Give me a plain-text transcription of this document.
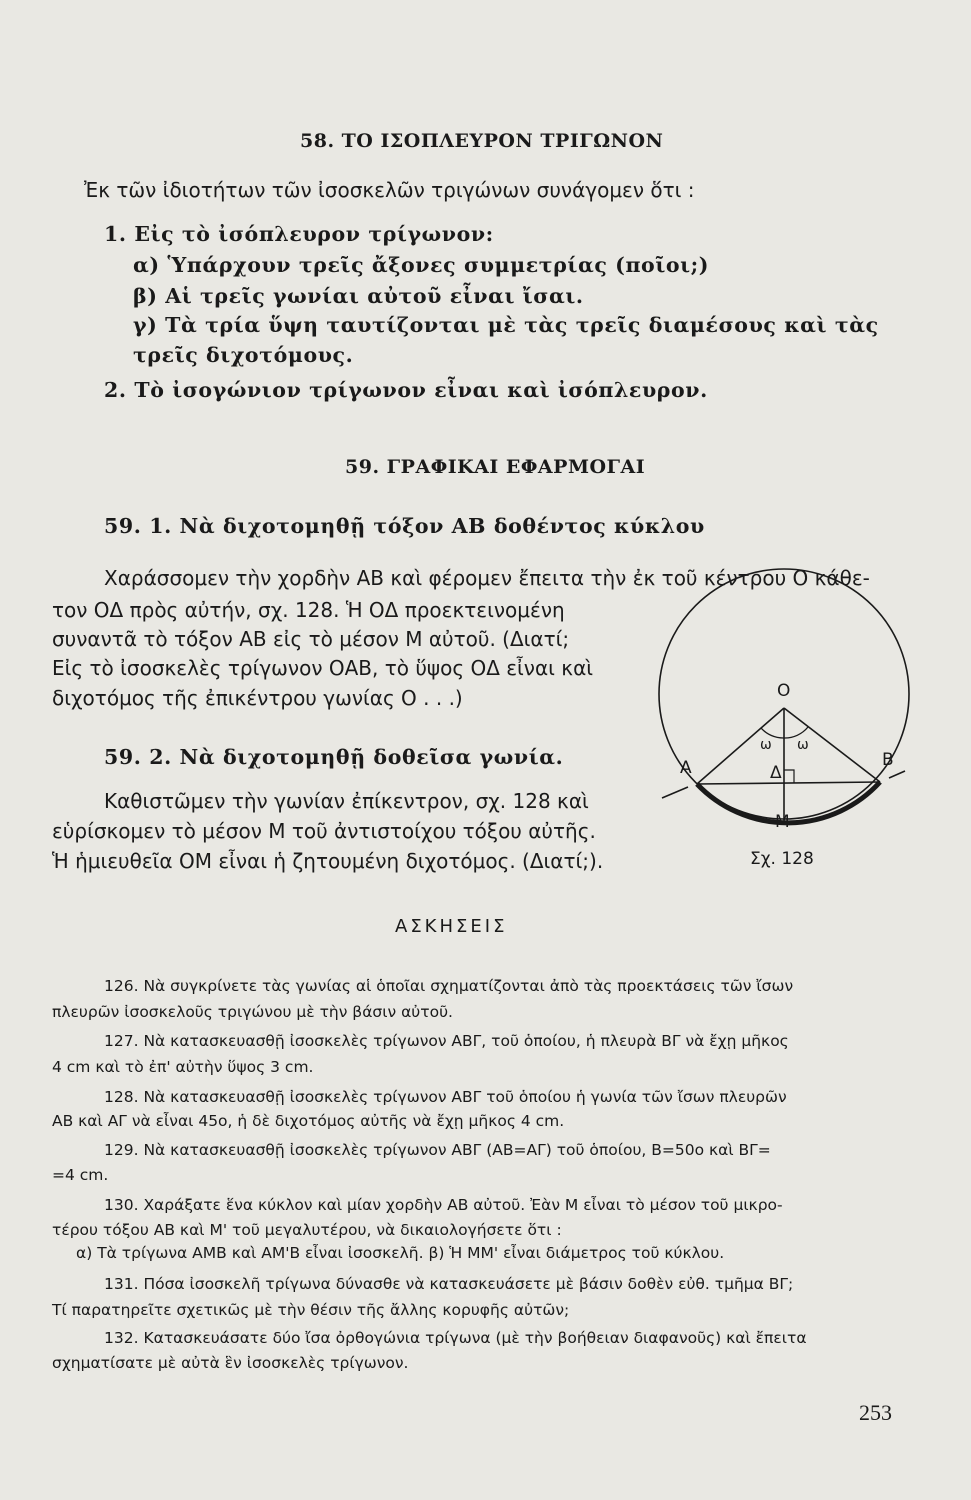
58. ΤΟ ΙΣΟΠΛΕΥΡΟΝ ΤΡΙΓΩΝΟΝ
Ἐκ τῶν ἰδιοτήτων τῶν ἰσοσκελῶν τριγώνων συνάγομεν ὅτι :
1. Εἰς τὸ ἰσόπλευρον τρίγωνον:
α) Ὑπάρχουν τρεῖς ἄξονες συμμετρίας (ποῖοι;)
β) Αἱ τρεῖς γωνίαι αὐτοῦ εἶναι ἴσαι.
γ) Τὰ τρία ὕψη ταυτίζονται μὲ τὰς τρεῖς διαμέσους καὶ τὰς
τρεῖς διχοτόμους.
2. Τὸ ἰσογώνιον τρίγωνον εἶναι καὶ ἰσόπλευρον.
59. ΓΡΑΦΙΚΑΙ ΕΦΑΡΜΟΓΑΙ
59. 1. Νὰ διχοτομηθῇ τόξον ΑΒ δοθέντος κύκλου
Χαράσσομεν τὴν χορδὴν ΑΒ καὶ φέρομεν ἔπειτα τὴν ἐκ τοῦ κέντρου Ο κάθε-
τον ΟΔ πρὸς αὐτήν, σχ. 128. Ἡ ΟΔ προεκτεινομένη
συναντᾶ τὸ τόξον ΑΒ εἰς τὸ μέσον Μ αὐτοῦ. (Διατί;
Εἰς τὸ ἰσοσκελὲς τρίγωνον ΟΑΒ, τὸ ὕψος ΟΔ εἶναι καὶ
διχοτόμος τῆς ἐπικέντρου γωνίας Ο . . .)
59. 2. Νὰ διχοτομηθῇ δοθεῖσα γωνία.
Καθιστῶμεν τὴν γωνίαν ἐπίκεντρον, σχ. 128 καὶ
εὑρίσκομεν τὸ μέσον Μ τοῦ ἀντιστοίχου τόξου αὐτῆς.
Ἡ ἡμιευθεῖα ΟΜ εἶναι ἡ ζητουμένη διχοτόμος. (Διατί;).
O
A	B
Δ
M
ω ω
Σχ. 128
ΑΣΚΗΣΕΙΣ
126. Νὰ συγκρίνετε τὰς γωνίας αἱ ὁποῖαι σχηματίζονται ἀπὸ τὰς προεκτάσεις τῶν ἴσων
πλευρῶν ἰσοσκελοῦς τριγώνου μὲ τὴν βάσιν αὐτοῦ.
127. Νὰ κατασκευασθῇ ἰσοσκελὲς τρίγωνον ΑΒΓ, τοῦ ὁποίου, ἡ πλευρὰ ΒΓ νὰ ἔχῃ μῆκος
4 cm καὶ τὸ ἐπ' αὐτὴν ὕψος 3 cm.
128. Νὰ κατασκευασθῇ ἰσοσκελὲς τρίγωνον ΑΒΓ τοῦ ὁποίου ἡ γωνία τῶν ἴσων πλευρῶν
ΑΒ καὶ ΑΓ νὰ εἶναι 45ο, ἡ δὲ διχοτόμος αὐτῆς νὰ ἔχῃ μῆκος 4 cm.
129. Νὰ κατασκευασθῇ ἰσοσκελὲς τρίγωνον ΑΒΓ (ΑΒ=ΑΓ) τοῦ ὁποίου, Β=50ο καὶ ΒΓ=
=4 cm.
130. Χαράξατε ἕνα κύκλον καὶ μίαν χορδὴν ΑΒ αὐτοῦ. Ἐὰν Μ εἶναι τὸ μέσον τοῦ μικρο-
τέρου τόξου ΑΒ καὶ Μ' τοῦ μεγαλυτέρου, νὰ δικαιολογήσετε ὅτι :
α) Τὰ τρίγωνα ΑΜΒ καὶ ΑΜ'Β εἶναι ἰσοσκελῆ. β) Ἡ ΜΜ' εἶναι διάμετρος τοῦ κύκλου.
131. Πόσα ἰσοσκελῆ τρίγωνα δύνασθε νὰ κατασκευάσετε μὲ βάσιν δοθὲν εὐθ. τμῆμα ΒΓ;
Τί παρατηρεῖτε σχετικῶς μὲ τὴν θέσιν τῆς ἄλλης κορυφῆς αὐτῶν;
132. Κατασκευάσατε δύο ἴσα ὀρθογώνια τρίγωνα (μὲ τὴν βοήθειαν διαφανοῦς) καὶ ἔπειτα
σχηματίσατε μὲ αὐτὰ ἓν ἰσοσκελὲς τρίγωνον.
253
